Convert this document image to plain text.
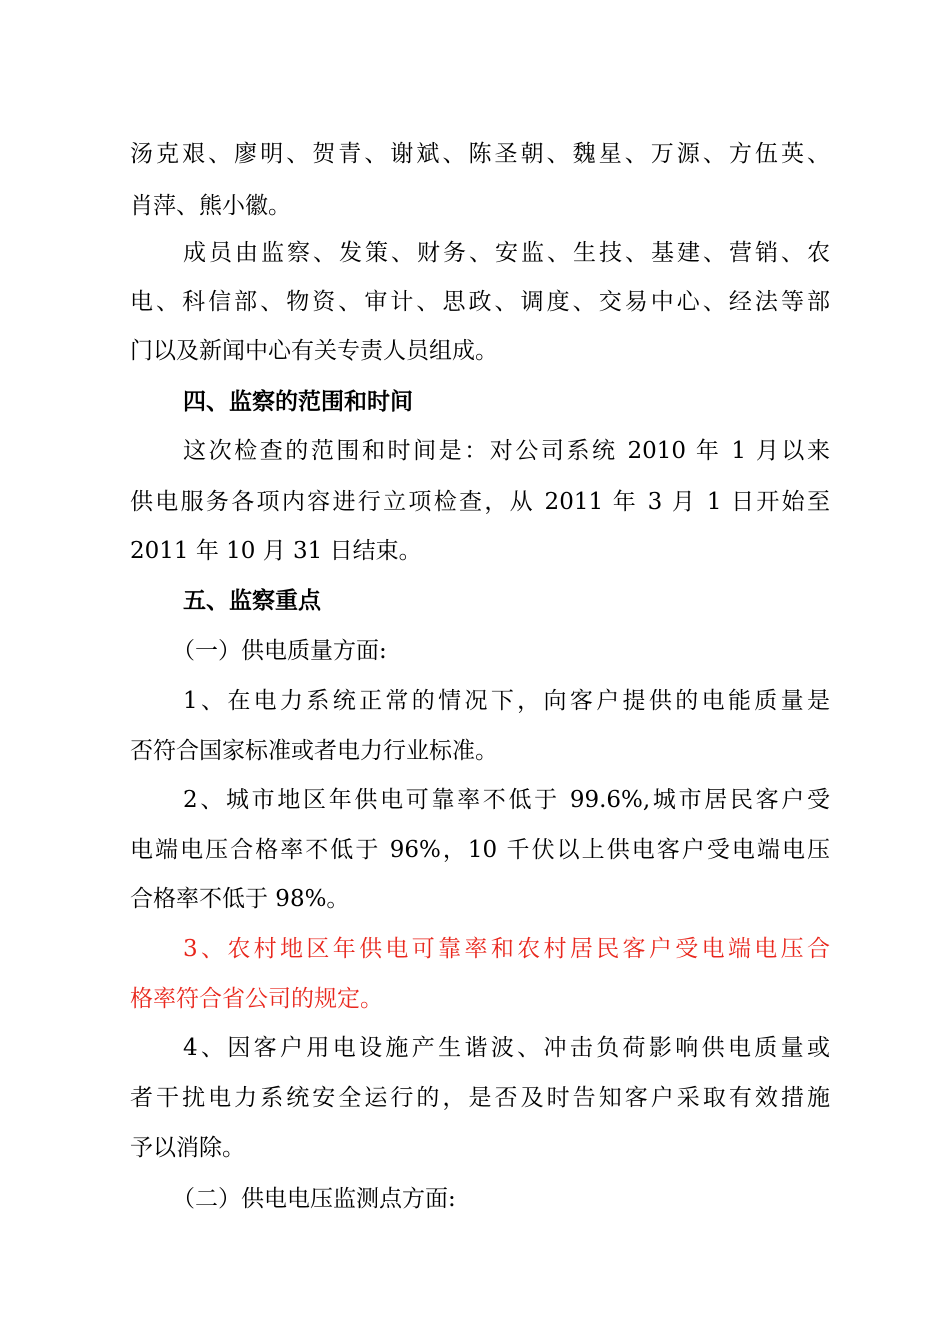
汤克艰、廖明、贺青、谢斌、陈圣朝、魏星、万源、方伍英、
肖萍、熊小徽。
成员由监察、发策、财务、安监、生技、基建、营销、农
电、科信部、物资、审计、思政、调度、交易中心、经法等部
门以及新闻中心有关专责人员组成。
四、监察的范围和时间
这次检查的范围和时间是：对公司系统 2010 年 1 月以来
供电服务各项内容进行立项检查，从 2011 年 3 月 1 日开始至
2011 年 10 月 31 日结束。
五、监察重点
（一）供电质量方面:
1、在电力系统正常的情况下，向客户提供的电能质量是
否符合国家标准或者电力行业标准。
2、城市地区年供电可靠率不低于 99.6%,城市居民客户受
电端电压合格率不低于 96%，10 千伏以上供电客户受电端电压
合格率不低于 98%。
3、农村地区年供电可靠率和农村居民客户受电端电压合
格率符合省公司的规定。
4、因客户用电设施产生谐波、冲击负荷影响供电质量或
者干扰电力系统安全运行的，是否及时告知客户采取有效措施
予以消除。
（二）供电电压监测点方面:
